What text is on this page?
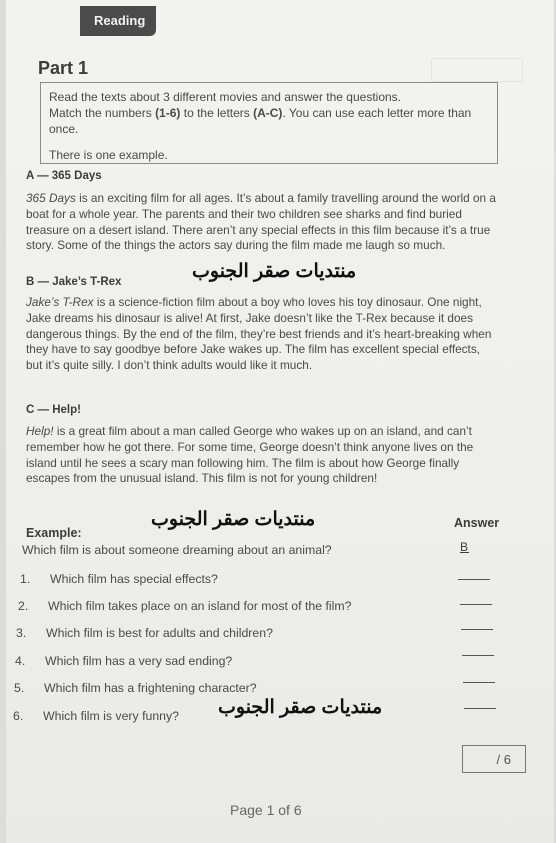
Reading
Part 1

Read the texts about 3 different movies and answer the questions.

Match the numbers (1-6) to the letters (A-C). You can use each letter more than once.

There is one example.

A — 365 Days

365 Days is an exciting film for all ages. It’s about a family travelling around the world on a boat for a whole year. The parents and their two children see sharks and find buried treasure on a desert island. There aren’t any special effects in this film because it’s a true story. Some of the things the actors say during the film made me laugh so much.

B — Jake’s T-Rex

Jake’s T-Rex is a science-fiction film about a boy who loves his toy dinosaur. One night, Jake dreams his dinosaur is alive! At first, Jake doesn’t like the T-Rex because it does dangerous things. By the end of the film, they’re best friends and it’s heart-breaking when they have to say goodbye before Jake wakes up. The film has excellent special effects, but it’s quite silly. I don’t think adults would like it much.

C — Help!

Help! is a great film about a man called George who wakes up on an island, and can’t remember how he got there. For some time, George doesn’t think anyone lives on the island until he sees a scary man following him. The film is about how George finally escapes from the unusual island. This film is not for young children!

منتديات صقر الجنوب
منتديات صقر الجنوب
منتديات صقر الجنوب
Example:
Answer
Which film is about someone dreaming about an animal?	B
1. Which film has special effects?
2. Which film takes place on an island for most of the film?
3. Which film is best for adults and children?
4. Which film has a very sad ending?
5. Which film has a frightening character?
6. Which film is very funny?
/ 6
Page 1 of 6
